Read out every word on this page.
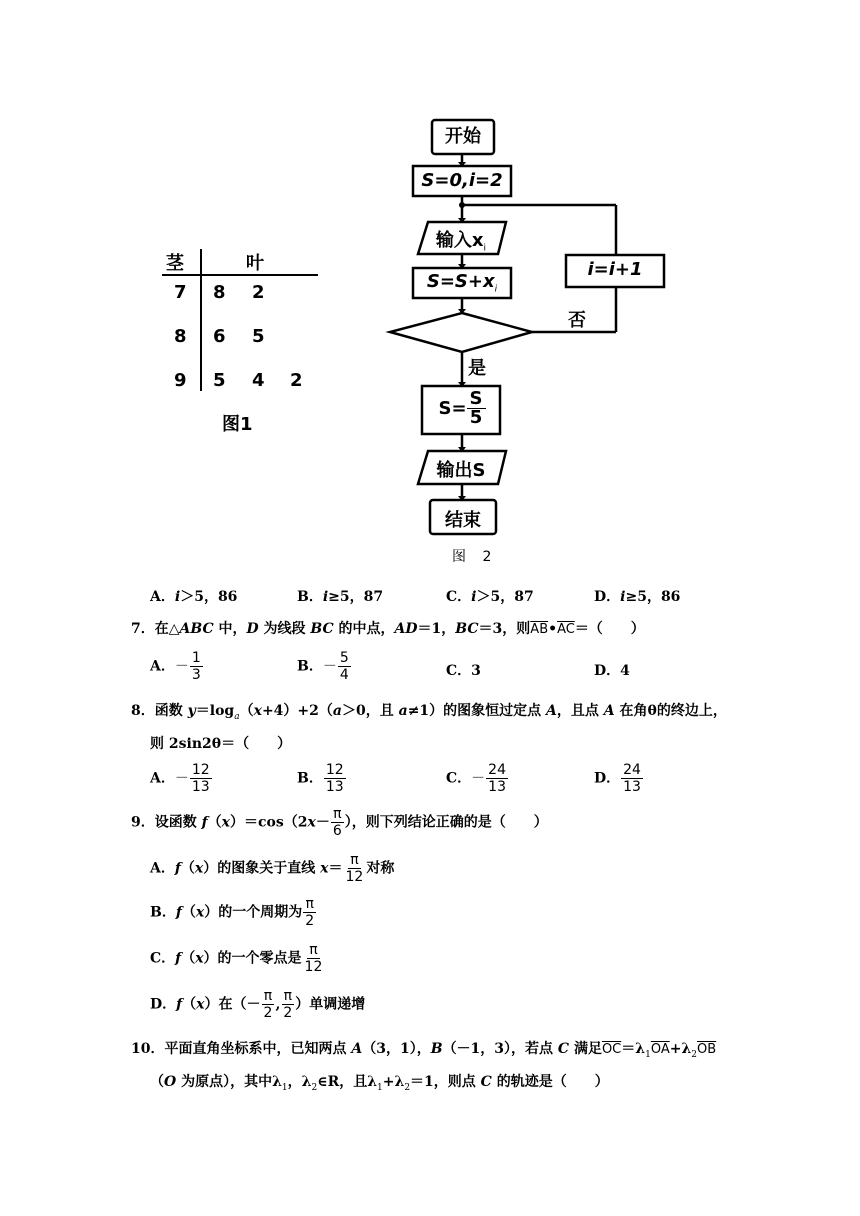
茎	叶
7 8 2
8 6 5
9 5 4 2
图1
开始
S=0,i=2
输入$x_i$
$S=S+x_i$
i=i+1
否
是
$S= \frac{S}{5}$
输出S
结束
图 2
A．i＞5，86	B．i≥5，87	C．i＞5，87	D．i≥5，86
7．在△ABC 中，D 为线段 BC 的中点，AD＝1，BC＝3，则$\overline{AB}•\overline{AC}=$（　　）
A．－ $\frac{1}{3}$	B．－ $\frac{5}{4}$	C．3	D．4
8．函数 $y=\log_a(x+4)+2(a>0$，且 a≠1）的图象恒过定点 A，且点 A 在角θ的终边上，
则 2sin2θ＝（　　）
A．－ $\frac{12}{13}$	B． $\frac{12}{13}$	C．－ $\frac{24}{13}$	D． $\frac{24}{13}$
9．设函数 $f(x)=\cos(2x- \frac{\pi}{6}$ ），则下列结论正确的是（　　）
A．f（x）的图象关于直线 $x= \frac{\pi}{12}$ 对称
B．f（x）的一个周期为 $\frac{\pi}{2}$
C．f（x）的一个零点是 $\frac{\pi}{12}$
D．f（x）在（－ $\frac{\pi}{2}$ , $\frac{\pi}{2}$ ）单调递增
10．平面直角坐标系中，已知两点 A（3，1），B（－1，3），若点 C 满足$\overline{OC}=\lambda_1\overline{OA}+\lambda_2\overline{OB}$
（O 为原点），其中$\lambda_1$，$\lambda_2\in R$，且$\lambda_1+\lambda_2=1$，则点 C 的轨迹是（　　）
